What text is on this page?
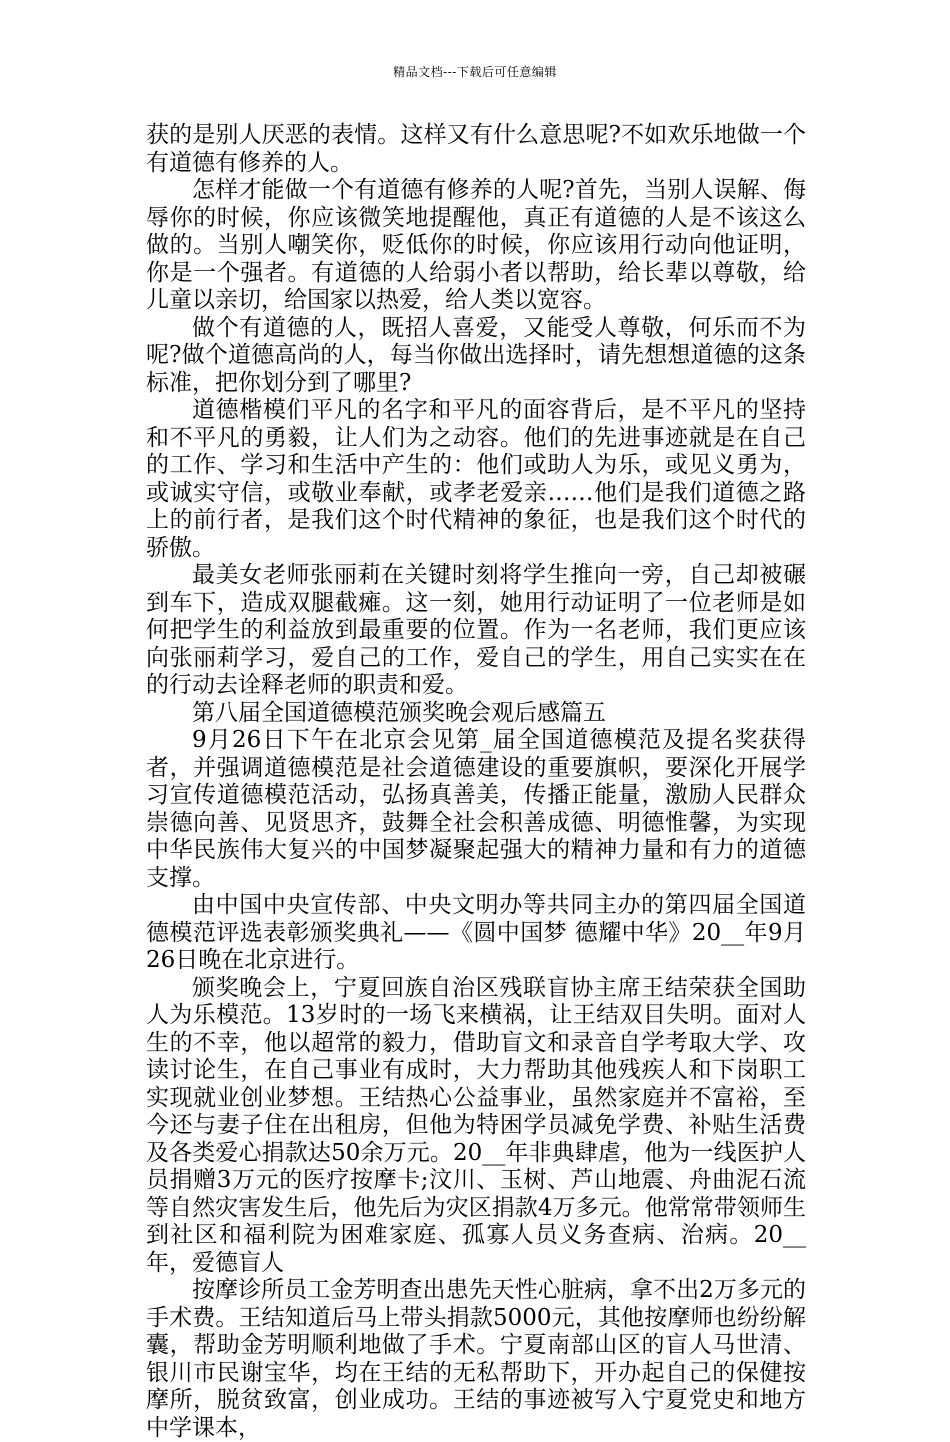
精品文档---下载后可任意编辑

获的是别人厌恶的表情。这样又有什么意思呢?不如欢乐地做一个有道德有修养的人。

怎样才能做一个有道德有修养的人呢?首先，当别人误解、侮辱你的时候，你应该微笑地提醒他，真正有道德的人是不该这么做的。当别人嘲笑你，贬低你的时候，你应该用行动向他证明，你是一个强者。有道德的人给弱小者以帮助，给长辈以尊敬，给儿童以亲切，给国家以热爱，给人类以宽容。

做个有道德的人，既招人喜爱，又能受人尊敬，何乐而不为呢?做个道德高尚的人，每当你做出选择时，请先想想道德的这条标准，把你划分到了哪里?

道德楷模们平凡的名字和平凡的面容背后，是不平凡的坚持和不平凡的勇毅，让人们为之动容。他们的先进事迹就是在自己的工作、学习和生活中产生的：他们或助人为乐，或见义勇为，或诚实守信，或敬业奉献，或孝老爱亲……他们是我们道德之路上的前行者，是我们这个时代精神的象征，也是我们这个时代的骄傲。

最美女老师张丽莉在关键时刻将学生推向一旁，自己却被碾到车下，造成双腿截瘫。这一刻，她用行动证明了一位老师是如何把学生的利益放到最重要的位置。作为一名老师，我们更应该向张丽莉学习，爱自己的工作，爱自己的学生，用自己实实在在的行动去诠释老师的职责和爱。

第八届全国道德模范颁奖晚会观后感篇五

9月26日下午在北京会见第_届全国道德模范及提名奖获得者，并强调道德模范是社会道德建设的重要旗帜，要深化开展学习宣传道德模范活动，弘扬真善美，传播正能量，激励人民群众崇德向善、见贤思齐，鼓舞全社会积善成德、明德惟馨，为实现中华民族伟大复兴的中国梦凝聚起强大的精神力量和有力的道德支撑。

由中国中央宣传部、中央文明办等共同主办的第四届全国道德模范评选表彰颁奖典礼——《圆中国梦 德耀中华》20__年9月26日晚在北京进行。

颁奖晚会上，宁夏回族自治区残联盲协主席王结荣获全国助人为乐模范。13岁时的一场飞来横祸，让王结双目失明。面对人生的不幸，他以超常的毅力，借助盲文和录音自学考取大学、攻读讨论生，在自己事业有成时，大力帮助其他残疾人和下岗职工实现就业创业梦想。王结热心公益事业，虽然家庭并不富裕，至今还与妻子住在出租房，但他为特困学员减免学费、补贴生活费及各类爱心捐款达50余万元。20__年非典肆虐，他为一线医护人员捐赠3万元的医疗按摩卡;汶川、玉树、芦山地震、舟曲泥石流等自然灾害发生后，他先后为灾区捐款4万多元。他常常带领师生到社区和福利院为困难家庭、孤寡人员义务查病、治病。20__年，爱德盲人

按摩诊所员工金芳明查出患先天性心脏病，拿不出2万多元的手术费。王结知道后马上带头捐款5000元，其他按摩师也纷纷解囊，帮助金芳明顺利地做了手术。宁夏南部山区的盲人马世清、银川市民谢宝华，均在王结的无私帮助下，开办起自己的保健按摩所，脱贫致富，创业成功。王结的事迹被写入宁夏党史和地方中学课本，
